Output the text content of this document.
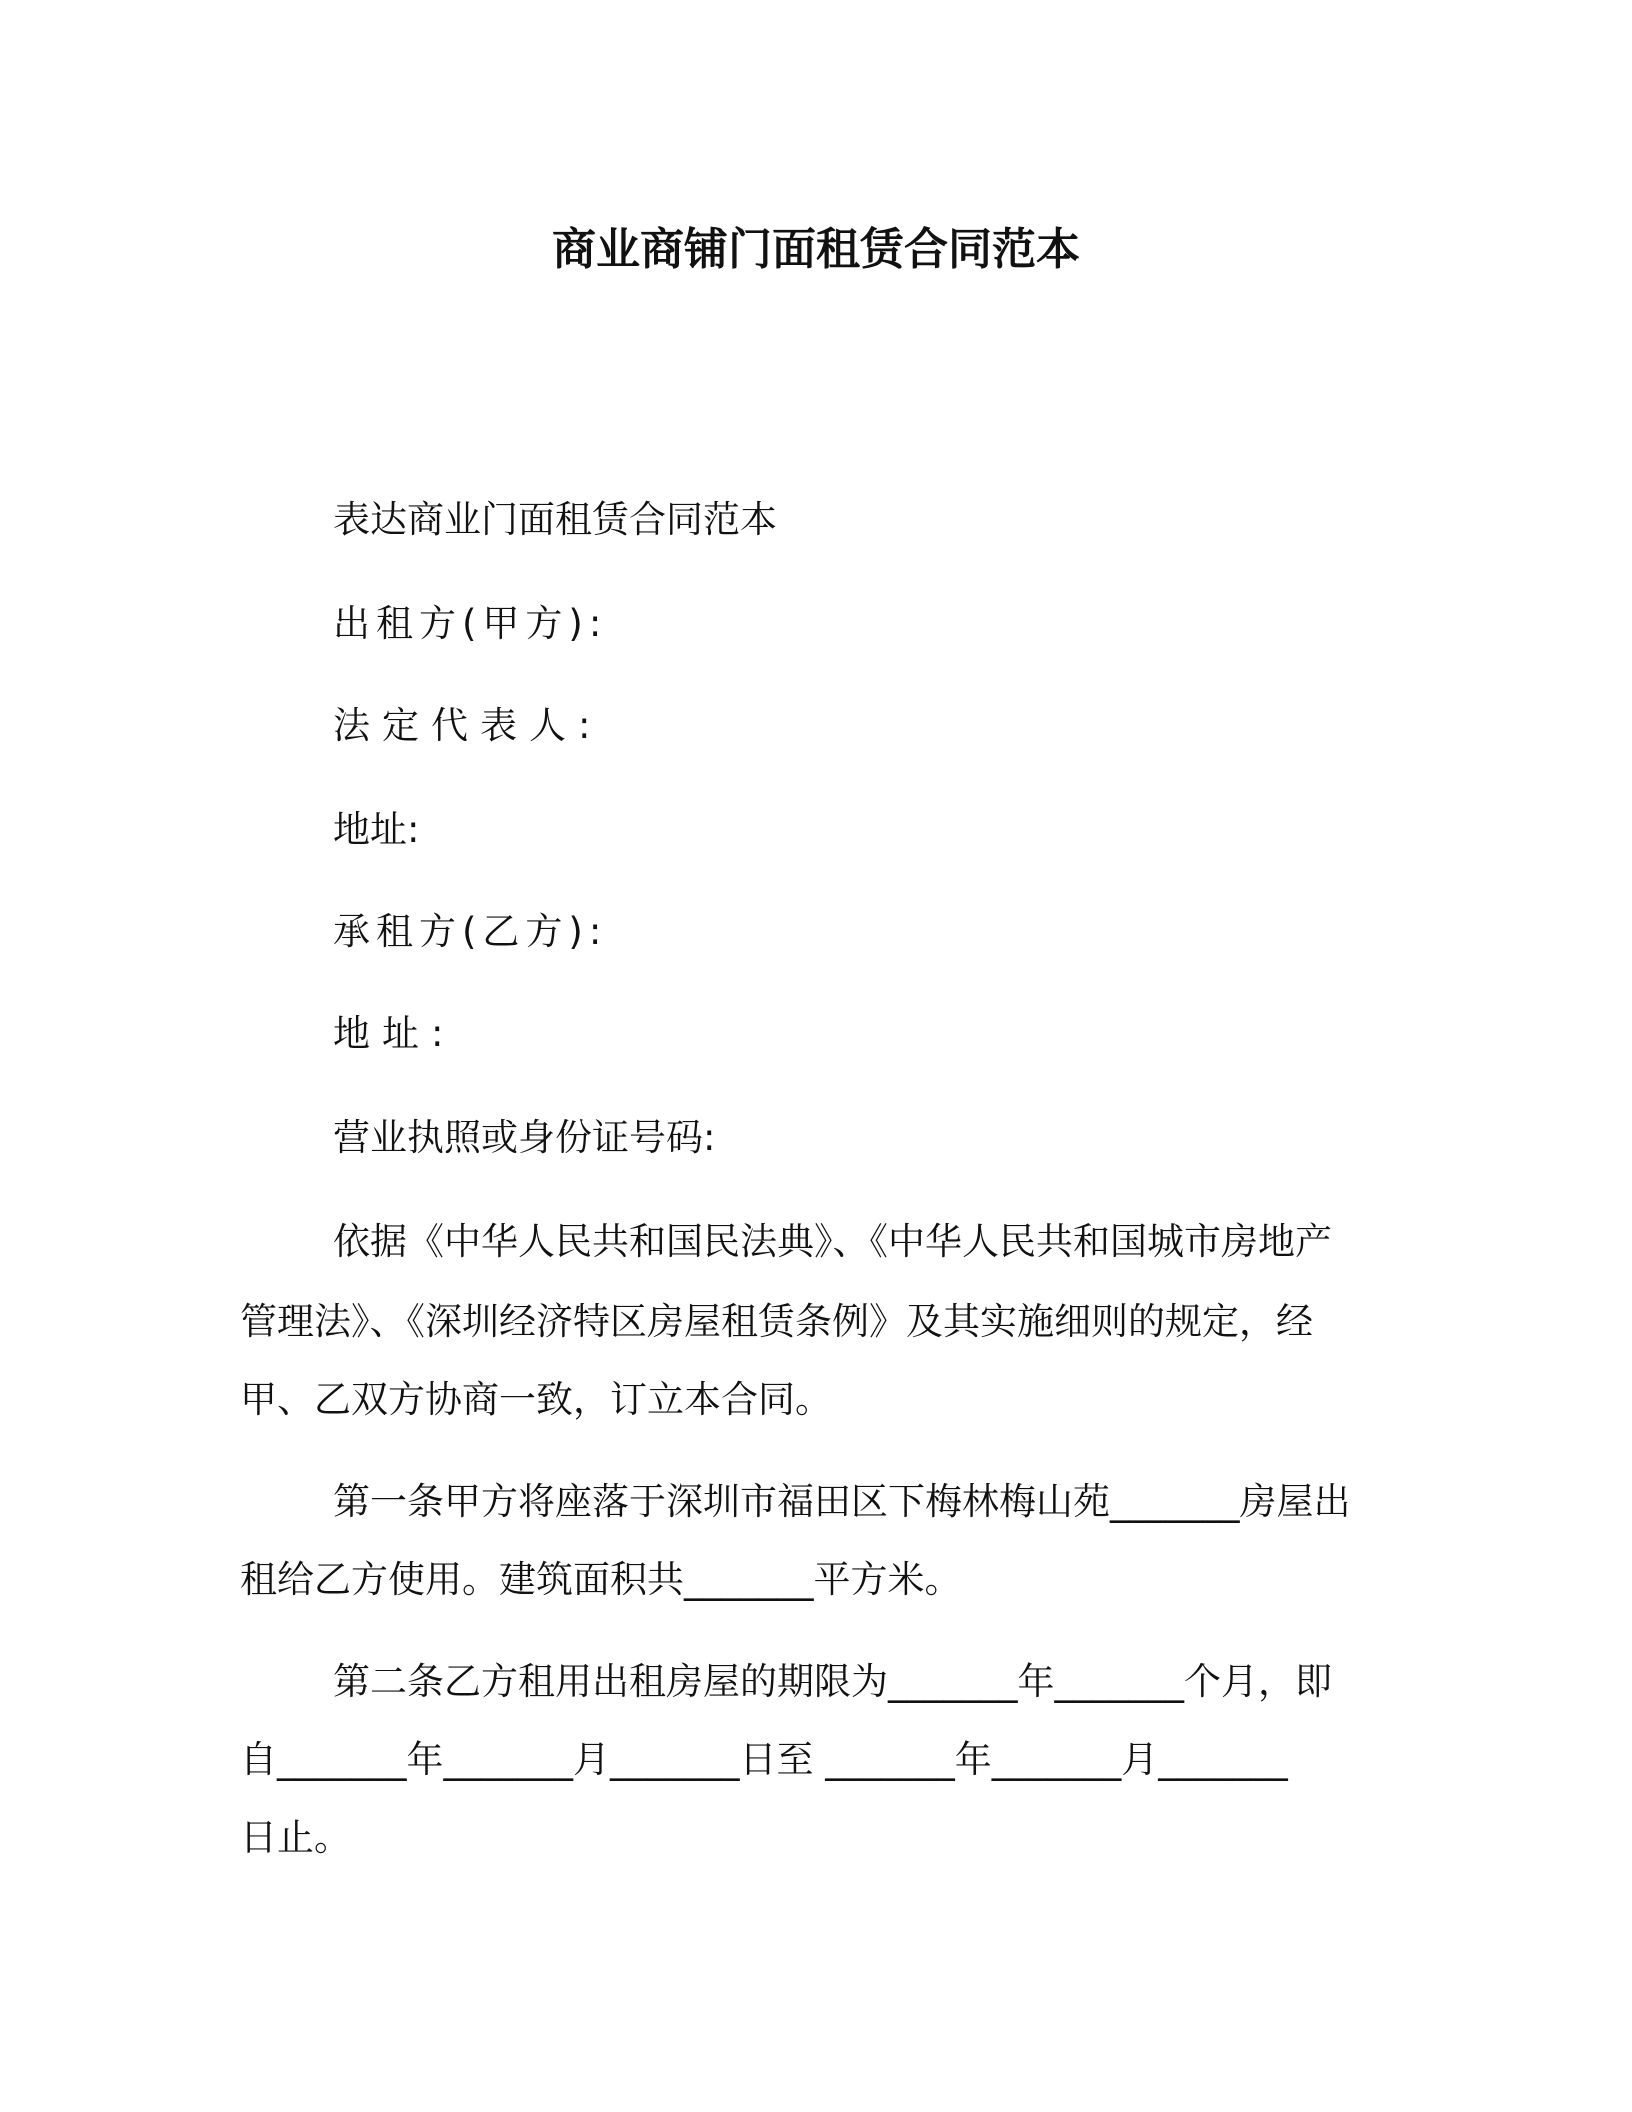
商业商铺门面租赁合同范本
表达商业门面租赁合同范本
出租方(甲方):
法定代表人:
地址:
承租方(乙方):
地址:
营业执照或身份证号码:
依据《中华人民共和国民法典》、《中华人民共和国城市房地产
管理法》、《深圳经济特区房屋租赁条例》及其实施细则的规定，经
甲、乙双方协商一致，订立本合同。
第一条甲方将座落于深圳市福田区下梅林梅山苑_______房屋出
租给乙方使用。建筑面积共_______平方米。
第二条乙方租用出租房屋的期限为_______年_______个月，即
自_______年_______月_______日至 _______年_______月_______
日止。
